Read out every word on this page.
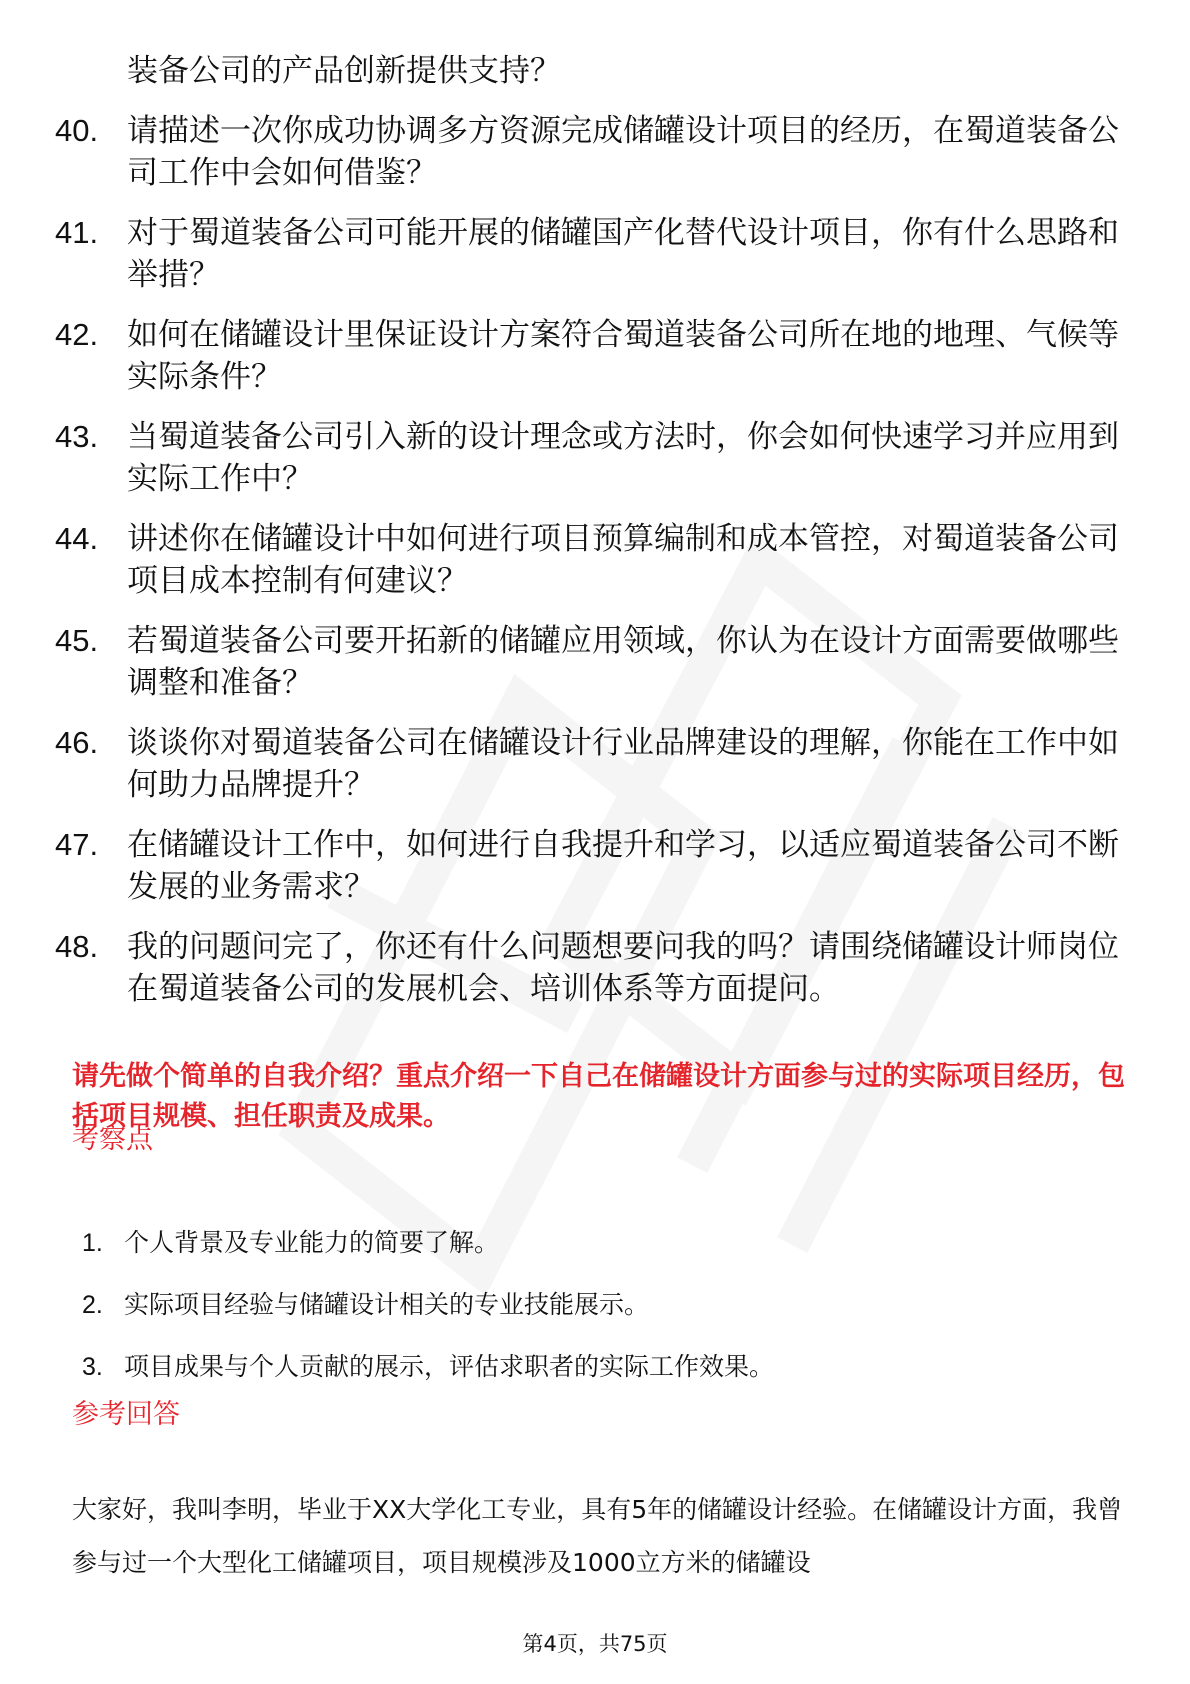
装备公司的产品创新提供支持？
40. 请描述一次你成功协调多方资源完成储罐设计项目的经历，在蜀道装备公司工作中会如何借鉴？
41. 对于蜀道装备公司可能开展的储罐国产化替代设计项目，你有什么思路和举措？
42. 如何在储罐设计里保证设计方案符合蜀道装备公司所在地的地理、气候等实际条件？
43. 当蜀道装备公司引入新的设计理念或方法时，你会如何快速学习并应用到实际工作中？
44. 讲述你在储罐设计中如何进行项目预算编制和成本管控，对蜀道装备公司项目成本控制有何建议？
45. 若蜀道装备公司要开拓新的储罐应用领域，你认为在设计方面需要做哪些调整和准备？
46. 谈谈你对蜀道装备公司在储罐设计行业品牌建设的理解，你能在工作中如何助力品牌提升？
47. 在储罐设计工作中，如何进行自我提升和学习，以适应蜀道装备公司不断发展的业务需求？
48. 我的问题问完了，你还有什么问题想要问我的吗？请围绕储罐设计师岗位在蜀道装备公司的发展机会、培训体系等方面提问。
请先做个简单的自我介绍？重点介绍一下自己在储罐设计方面参与过的实际项目经历，包括项目规模、担任职责及成果。
考察点
1. 个人背景及专业能力的简要了解。
2. 实际项目经验与储罐设计相关的专业技能展示。
3. 项目成果与个人贡献的展示，评估求职者的实际工作效果。
参考回答
大家好，我叫李明，毕业于XX大学化工专业，具有5年的储罐设计经验。在储罐设计方面，我曾参与过一个大型化工储罐项目，项目规模涉及1000立方米的储罐设
第4页，共75页
